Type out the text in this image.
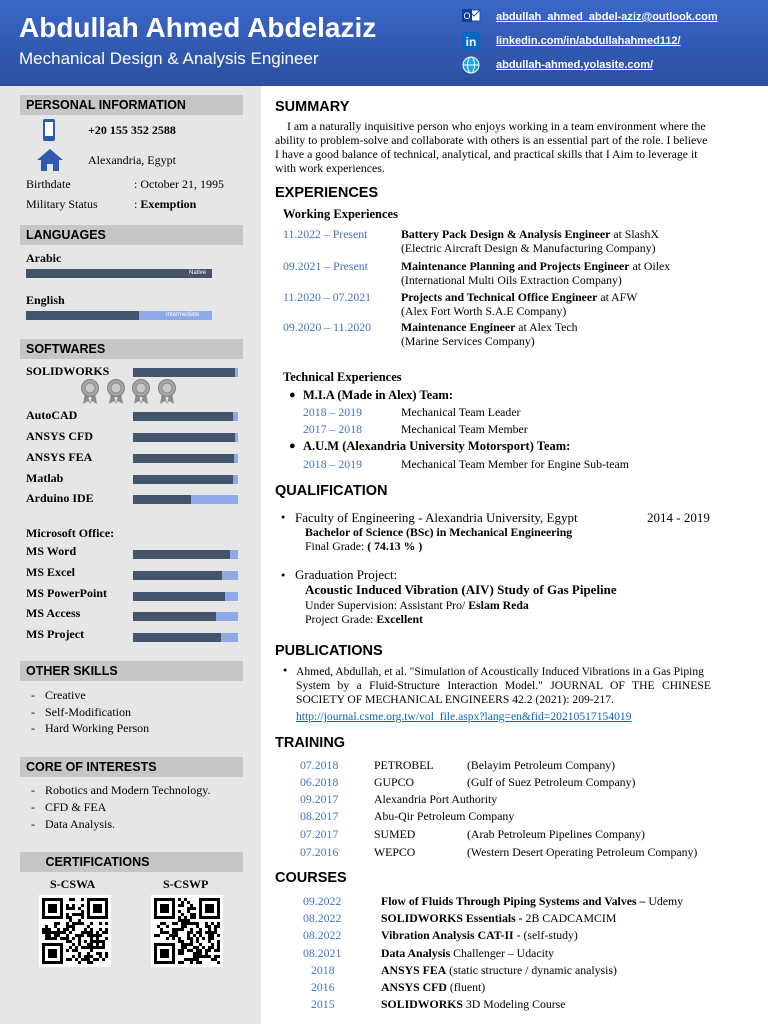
Abdullah Ahmed Abdelaziz
Mechanical Design & Analysis Engineer
O abdullah_ahmed_abdel-aziz@outlook.com
in linkedin.com/in/abdullahahmed112/
abdullah-ahmed.yolasite.com/
PERSONAL INFORMATION
+20 155 352 2588
Alexandria, Egypt
Birthdate	: October 21, 1995
Military Status	: Exemption
LANGUAGES
Arabic
Native
English
Intermediate
SOFTWARES
SOLIDWORKS
AutoCAD
ANSYS CFD
ANSYS FEA
Matlab
Arduino IDE
Microsoft Office:
MS Word
MS Excel
MS PowerPoint
MS Access
MS Project
OTHER SKILLS
- Creative
- Self-Modification
- Hard Working Person
CORE OF INTERESTS
- Robotics and Modern Technology.
- CFD & FEA
- Data Analysis.
CERTIFICATIONS
S-CSWA	S-CSWP
SUMMARY
I am a naturally inquisitive person who enjoys working in a team environment where the
ability to problem-solve and collaborate with others is an essential part of the role. I believe
I have a good balance of technical, analytical, and practical skills that I Aim to leverage it
with work experiences.
EXPERIENCES
Working Experiences
11.2022 – Present	Battery Pack Design & Analysis Engineer at SlashX
(Electric Aircraft Design & Manufacturing Company)
09.2021 – Present	Maintenance Planning and Projects Engineer at Oilex
(International Multi Oils Extraction Company)
11.2020 – 07.2021	Projects and Technical Office Engineer at AFW
(Alex Fort Worth S.A.E Company)
09.2020 – 11.2020	Maintenance Engineer at Alex Tech
(Marine Services Company)
Technical Experiences
● M.I.A (Made in Alex) Team:
2018 – 2019	Mechanical Team Leader
2017 – 2018	Mechanical Team Member
● A.U.M (Alexandria University Motorsport) Team:
2018 – 2019	Mechanical Team Member for Engine Sub-team
QUALIFICATION
● Faculty of Engineering - Alexandria University, Egypt	2014 - 2019
Bachelor of Science (BSc) in Mechanical Engineering
Final Grade: ( 74.13 % )
● Graduation Project:
Acoustic Induced Vibration (AIV) Study of Gas Pipeline
Under Supervision: Assistant Pro/ Eslam Reda
Project Grade: Excellent
PUBLICATIONS
● Ahmed, Abdullah, et al. "Simulation of Acoustically Induced Vibrations in a Gas Piping
System by a Fluid-Structure Interaction Model." JOURNAL OF THE CHINESE
SOCIETY OF MECHANICAL ENGINEERS 42.2 (2021): 209-217.
http://journal.csme.org.tw/vol_file.aspx?lang=en&fid=20210517154019
TRAINING
07.2018	PETROBEL	(Belayim Petroleum Company)
06.2018	GUPCO	(Gulf of Suez Petroleum Company)
09.2017	Alexandria Port Authority
08.2017	Abu-Qir Petroleum Company
07.2017	SUMED	(Arab Petroleum Pipelines Company)
07.2016	WEPCO	(Western Desert Operating Petroleum Company)
COURSES
09.2022	Flow of Fluids Through Piping Systems and Valves – Udemy
08.2022	SOLIDWORKS Essentials - 2B CADCAMCIM
08.2022	Vibration Analysis CAT-II - (self-study)
08.2021	Data Analysis Challenger – Udacity
2018	ANSYS FEA (static structure / dynamic analysis)
2016	ANSYS CFD (fluent)
2015	SOLIDWORKS 3D Modeling Course
